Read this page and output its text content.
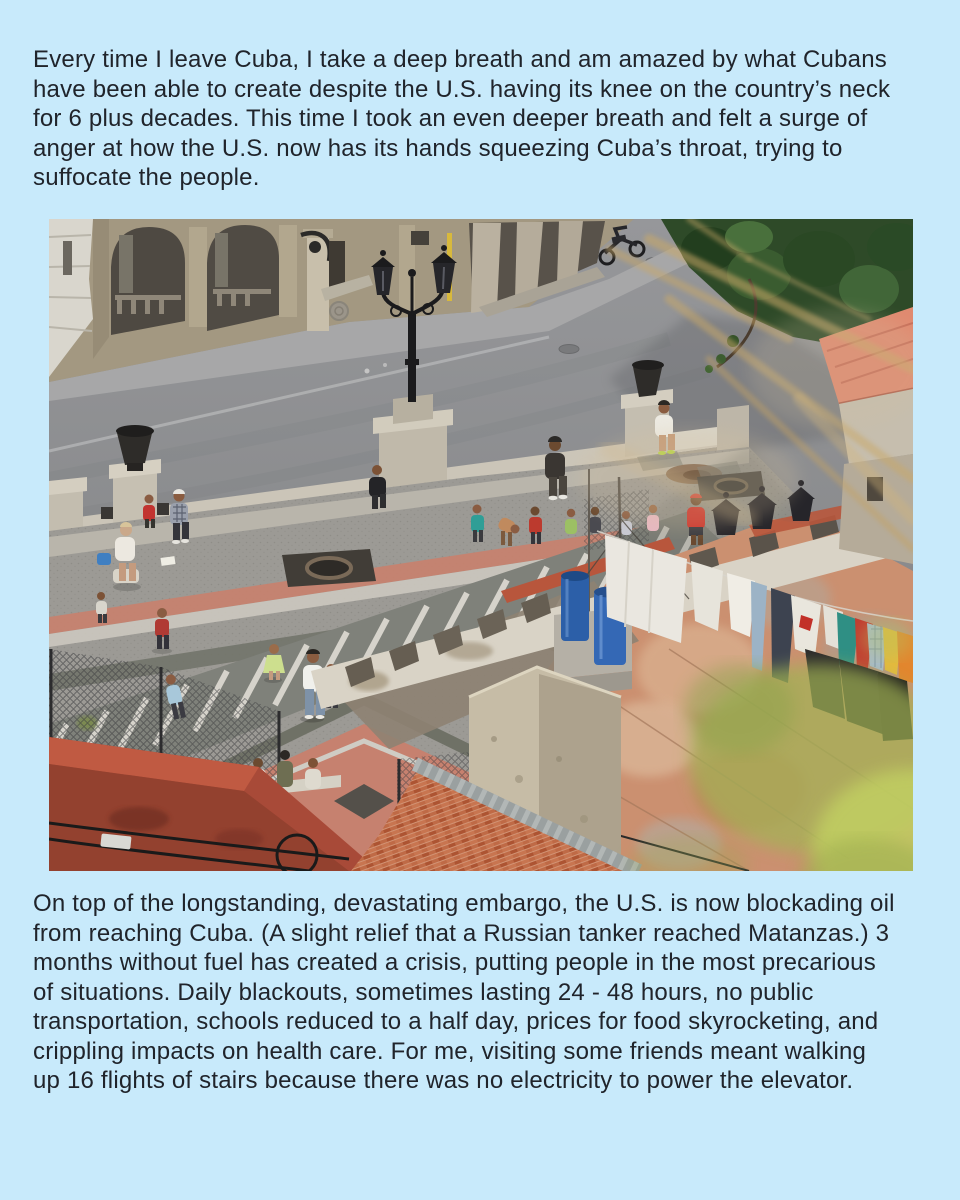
Every time I leave Cuba, I take a deep breath and am amazed by what Cubans
have been able to create despite the U.S. having its knee on the country’s neck
for 6 plus decades. This time I took an even deeper breath and felt a surge of
anger at how the U.S. now has its hands squeezing Cuba’s throat, trying to
suffocate the people.
On top of the longstanding, devastating embargo, the U.S. is now blockading oil
from reaching Cuba. (A slight relief that a Russian tanker reached Matanzas.) 3
months without fuel has created a crisis, putting people in the most precarious
of situations. Daily blackouts, sometimes lasting 24 - 48 hours, no public
transportation, schools reduced to a half day, prices for food skyrocketing, and
crippling impacts on health care. For me, visiting some friends meant walking
up 16 flights of stairs because there was no electricity to power the elevator.
